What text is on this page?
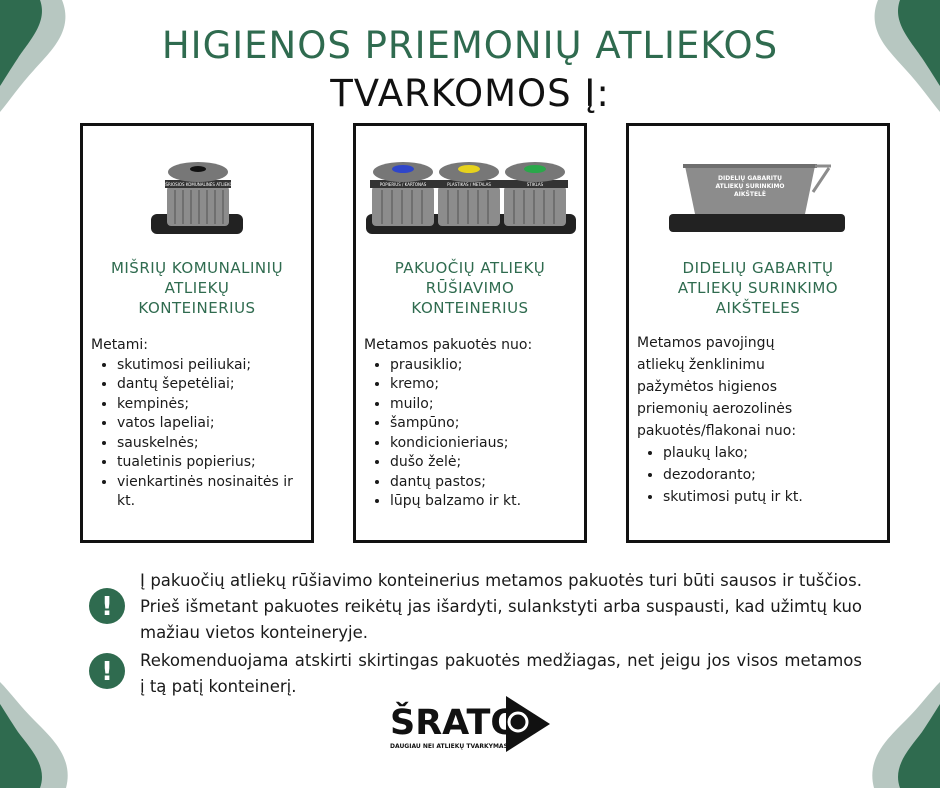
HIGIENOS PRIEMONIŲ ATLIEKOS
TVARKOMOS Į:
MIŠRIOSIOS KOMUNALINĖS ATLIEKOS
MIŠRIŲ KOMUNALINIŲ
ATLIEKŲ
KONTEINERIUS
Metami:
• skutimosi peiliukai;
• dantų šepetėliai;
• kempinės;
• vatos lapeliai;
• sauskelnės;
• tualetinis popierius;
• vienkartinės nosinaitės ir kt.
POPIERIUS / KARTONAS	PLASTIKAS / METALAS	STIKLAS
PAKUOČIŲ ATLIEKŲ
RŪŠIAVIMO
KONTEINERIUS
Metamos pakuotės nuo:
• prausiklio;
• kremo;
• muilo;
• šampūno;
• kondicionieriaus;
• dušo želė;
• dantų pastos;
• lūpų balzamo ir kt.
DIDELIŲ GABARITŲ
ATLIEKŲ SURINKIMO
AIKŠTELĖ
DIDELIŲ GABARITŲ
ATLIEKŲ SURINKIMO
AIKŠTELES
Metamos pavojingų
atliekų ženklinimu
pažymėtos higienos
priemonių aerozolinės
pakuotės/flakonai nuo:
• plaukų lako;
• dezodoranto;
• skutimosi putų ir kt.
!
Į pakuočių atliekų rūšiavimo konteinerius metamos pakuotės turi būti sausos ir tuščios. Prieš išmetant pakuotes reikėtų jas išardyti, sulankstyti arba suspausti, kad užimtų kuo mažiau vietos konteineryje.
! Rekomenduojama atskirti skirtingas pakuotės medžiagas, net jeigu jos visos metamos į tą patį konteinerį.
ŠRATO
DAUGIAU NEI ATLIEKŲ TVARKYMAS
